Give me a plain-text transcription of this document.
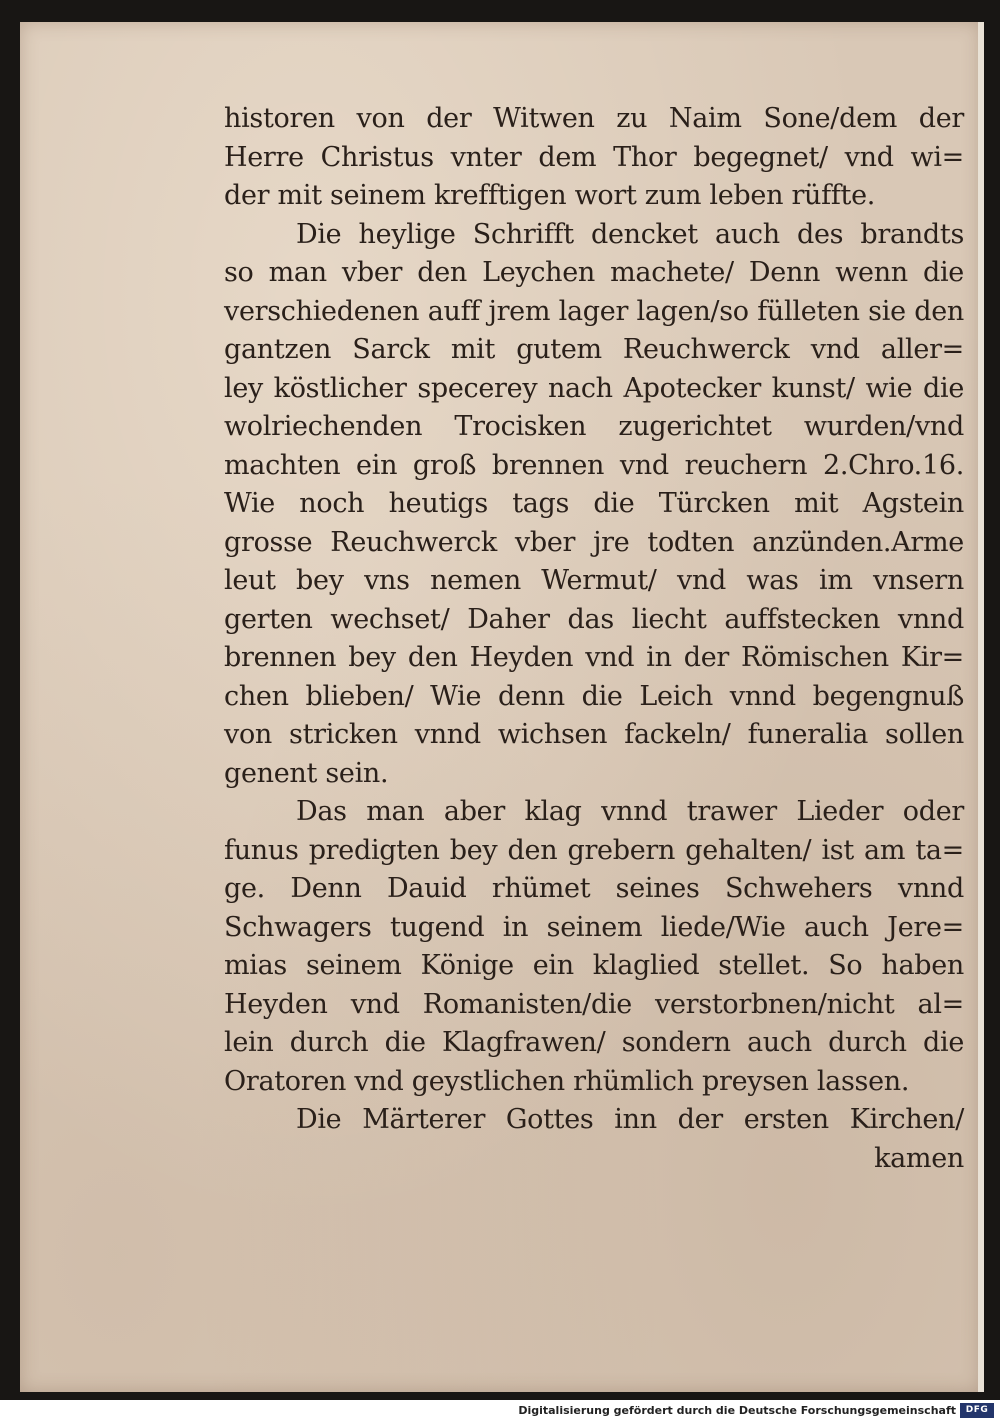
historen von der Witwen zu Naim Sone/dem der
Herre Christus vnter dem Thor begegnet/ vnd wi=
der mit seinem krefftigen wort zum leben rüffte.
Die heylige Schrifft dencket auch des brandts
so man vber den Leychen machete/ Denn wenn die
verschiedenen auff jrem lager lagen/so fülleten sie den
gantzen Sarck mit gutem Reuchwerck vnd aller=
ley köstlicher specerey nach Apotecker kunst/ wie die
wolriechenden Trocisken zugerichtet wurden/vnd
machten ein groß brennen vnd reuchern 2.Chro.16.
Wie noch heutigs tags die Türcken mit Agstein
grosse Reuchwerck vber jre todten anzünden.Arme
leut bey vns nemen Wermut/ vnd was im vnsern
gerten wechset/ Daher das liecht auffstecken vnnd
brennen bey den Heyden vnd in der Römischen Kir=
chen blieben/ Wie denn die Leich vnnd begengnuß
von stricken vnnd wichsen fackeln/ funeralia sollen
genent sein.
Das man aber klag vnnd trawer Lieder oder
funus predigten bey den grebern gehalten/ ist am ta=
ge. Denn Dauid rhümet seines Schwehers vnnd
Schwagers tugend in seinem liede/Wie auch Jere=
mias seinem Könige ein klaglied stellet. So haben
Heyden vnd Romanisten/die verstorbnen/nicht al=
lein durch die Klagfrawen/ sondern auch durch die
Oratoren vnd geystlichen rhümlich preysen lassen.
Die Märterer Gottes inn der ersten Kirchen/
kamen
Digitalisierung gefördert durch die Deutsche Forschungsgemeinschaft	DFG
